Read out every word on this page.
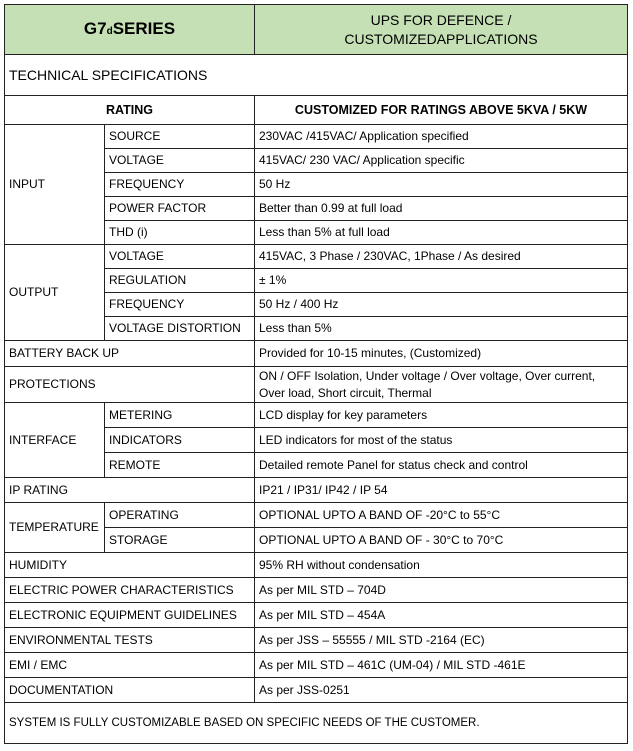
G7dSERIES		UPS FOR DEFENCE /
CUSTOMIZEDAPPLICATIONS
TECHNICAL SPECIFICATIONS		
RATING		CUSTOMIZED FOR RATINGS ABOVE 5KVA / 5KW
INPUT	SOURCE	230VAC /415VAC/ Application specified
	VOLTAGE	415VAC/ 230 VAC/ Application specific
	FREQUENCY	50 Hz
	POWER FACTOR	Better than 0.99 at full load
	THD (i)	Less than 5% at full load
OUTPUT	VOLTAGE	415VAC, 3 Phase / 230VAC, 1Phase / As desired
	REGULATION	± 1%
	FREQUENCY	50 Hz / 400 Hz
	VOLTAGE DISTORTION	Less than 5%
BATTERY BACK UP		Provided for 10-15 minutes, (Customized)
PROTECTIONS		ON / OFF Isolation, Under voltage / Over voltage, Over current, Over load, Short circuit, Thermal
INTERFACE	METERING	LCD display for key parameters
	INDICATORS	LED indicators for most of the status
	REMOTE	Detailed remote Panel for status check and control
IP RATING		IP21 / IP31/ IP42 / IP 54
TEMPERATURE	OPERATING	OPTIONAL UPTO A BAND OF -20°C to 55°C
	STORAGE	OPTIONAL UPTO A BAND OF - 30°C to 70°C
HUMIDITY		95% RH without condensation
ELECTRIC POWER CHARACTERISTICS		As per MIL STD – 704D
ELECTRONIC EQUIPMENT GUIDELINES		As per MIL STD – 454A
ENVIRONMENTAL TESTS		As per JSS – 55555 / MIL STD -2164 (EC)
EMI / EMC		As per MIL STD – 461C (UM-04) / MIL STD -461E
DOCUMENTATION		As per JSS-0251
SYSTEM IS FULLY CUSTOMIZABLE BASED ON SPECIFIC NEEDS OF THE CUSTOMER.		
